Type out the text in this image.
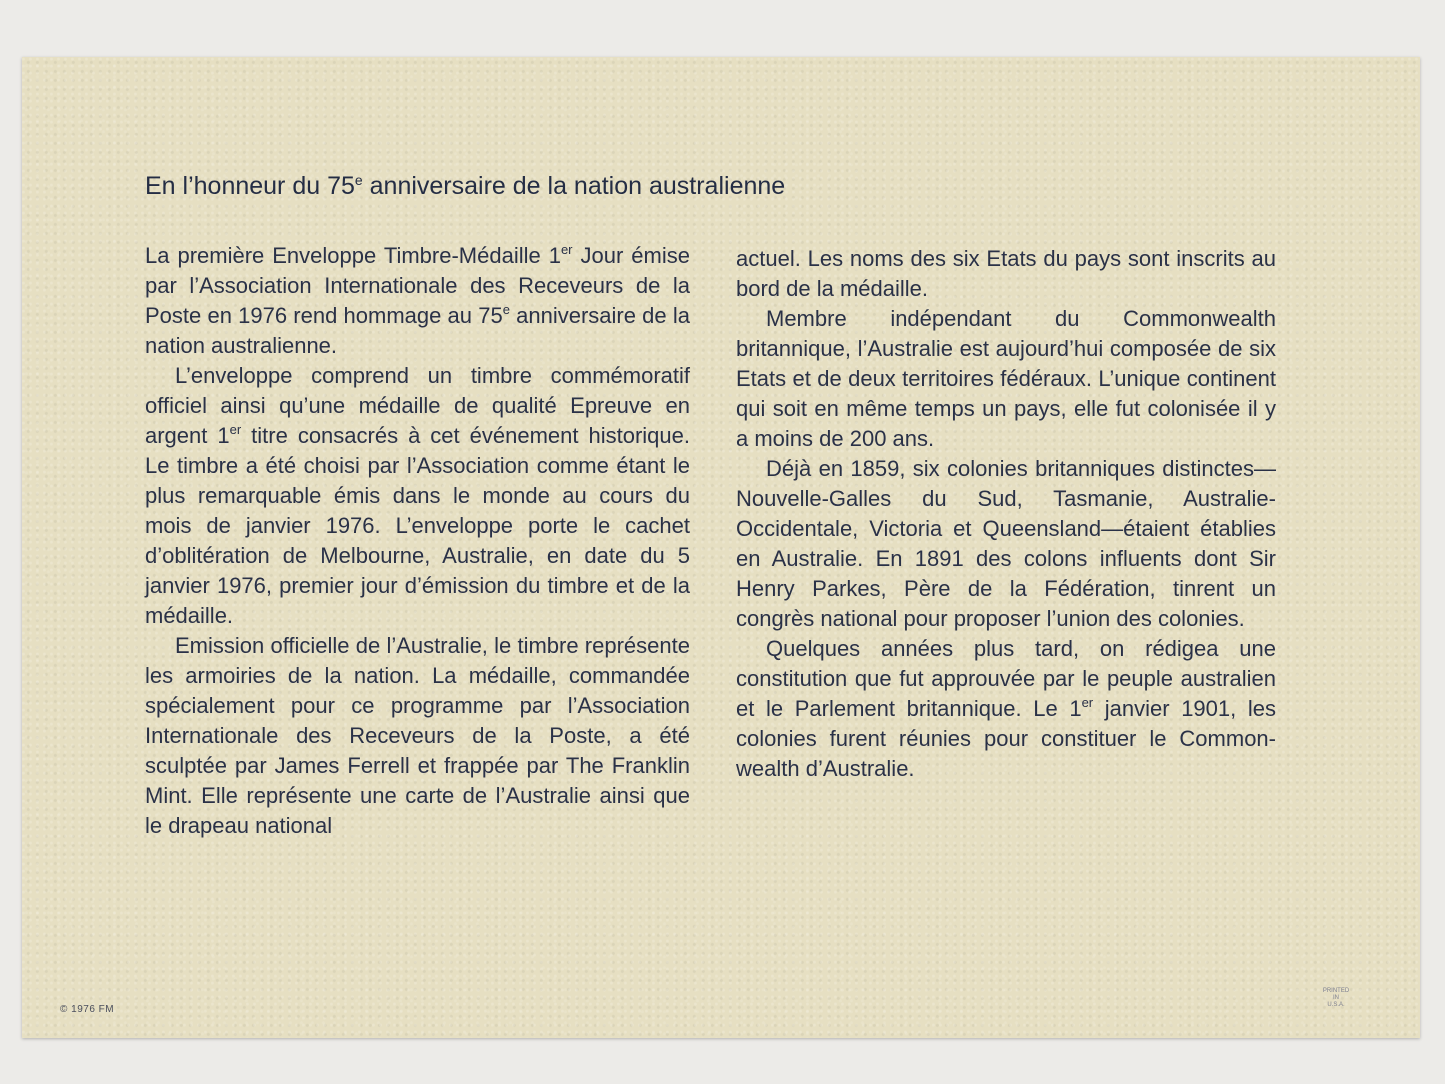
En l’honneur du 75e anniversaire de la nation australienne

La première Enveloppe Timbre-Médaille 1er Jour émise par l’Association Internationale des Receveurs de la Poste en 1976 rend hommage au 75e anniversaire de la nation australienne.

L’enveloppe comprend un timbre commémoratif officiel ainsi qu’une médaille de qualité Epreuve en argent 1er titre consacrés à cet événement historique. Le timbre a été choisi par l’Association comme étant le plus remarquable émis dans le monde au cours du mois de janvier 1976. L’enveloppe porte le cachet d’oblitération de Melbourne, Australie, en date du 5 janvier 1976, premier jour d’émission du timbre et de la médaille.

Emission officielle de l’Australie, le timbre représente les armoiries de la nation. La médaille, commandée spécialement pour ce programme par l’Association Internationale des Receveurs de la Poste, a été sculptée par James Ferrell et frappée par The Franklin Mint. Elle représente une carte de l’Australie ainsi que le drapeau national

actuel. Les noms des six Etats du pays sont inscrits au bord de la médaille.

Membre indépendant du Commonwealth britannique, l’Australie est aujourd’hui composée de six Etats et de deux territoires fédéraux. L’unique continent qui soit en même temps un pays, elle fut colonisée il y a moins de 200 ans.

Déjà en 1859, six colonies britanniques distinctes—Nouvelle-Galles du Sud, Tasmanie, Australie-Occidentale, Victoria et Queensland—étaient établies en Australie. En 1891 des colons influents dont Sir Henry Parkes, Père de la Fédération, tinrent un congrès national pour proposer l’union des colonies.

Quelques années plus tard, on rédigea une constitution que fut approuvée par le peuple australien et le Parlement britannique. Le 1er janvier 1901, les colonies furent réunies pour constituer le Commonwealth d’Australie.

© 1976 FM
PRINTED
IN
U.S.A.
